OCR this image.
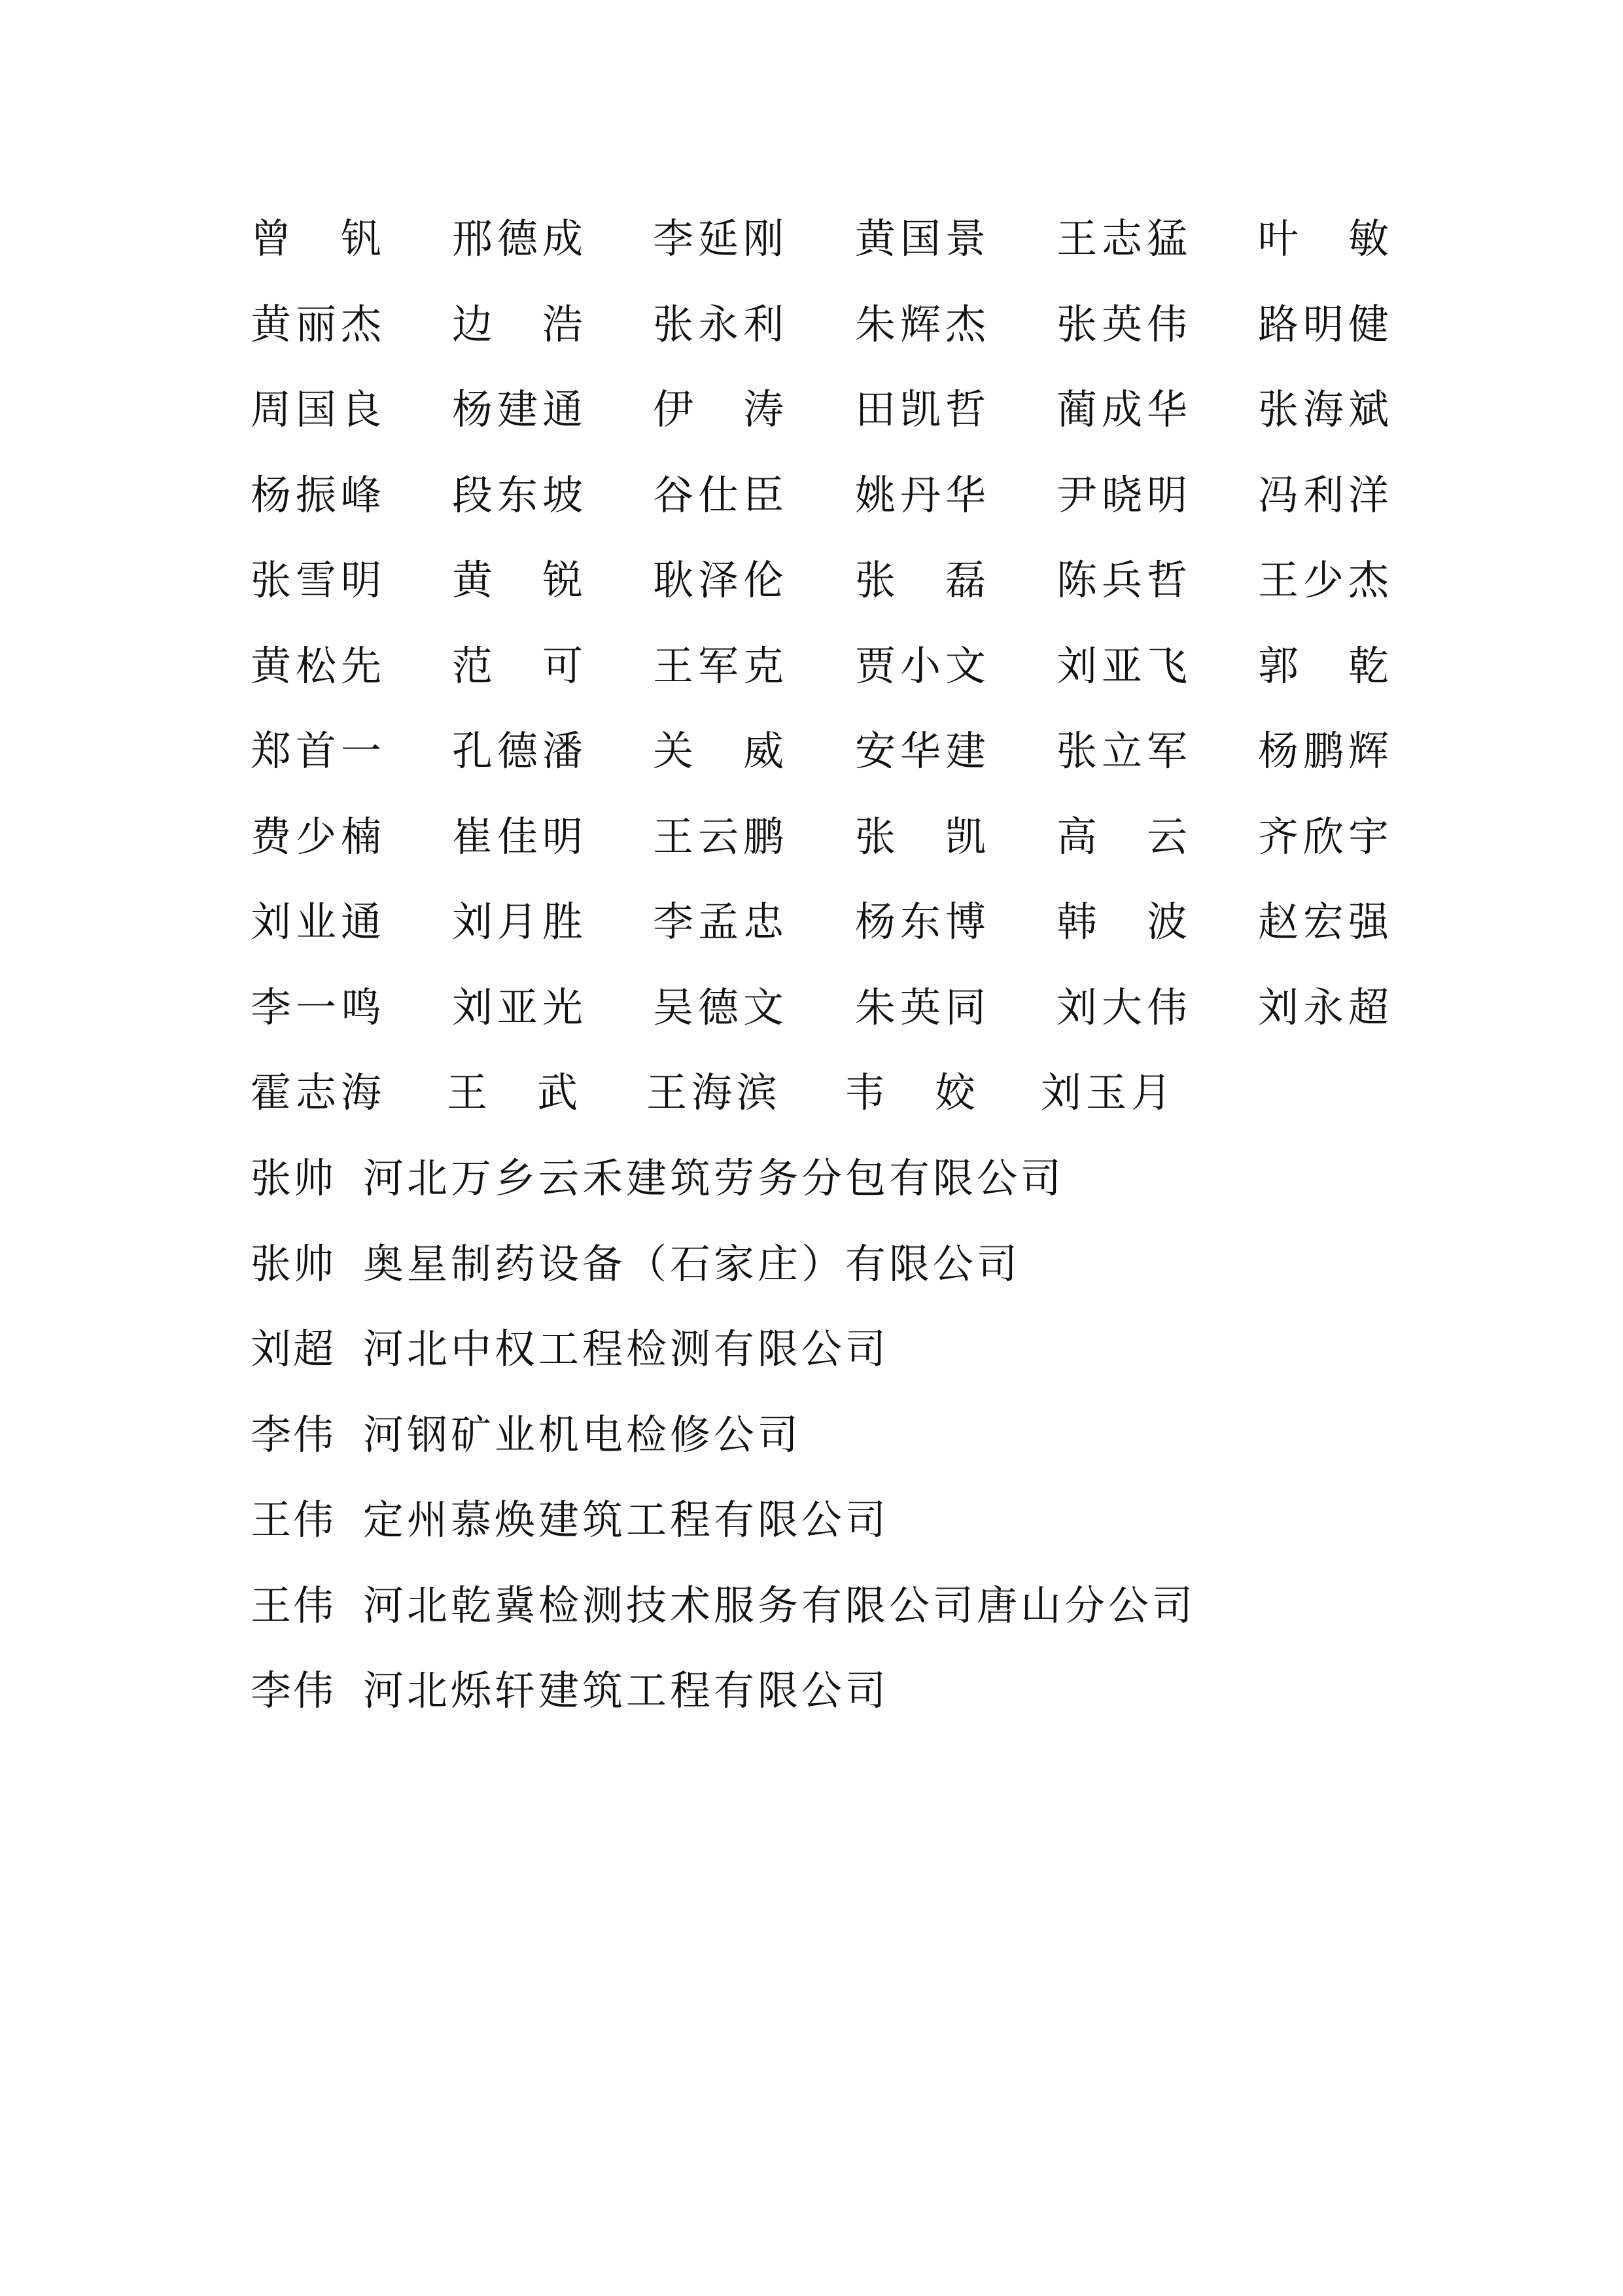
曾 钒 邢 德 成 李 延 刚 黄 国 景 王 志 猛 叶 敏
黄 丽 杰 边 浩 张 永 利 朱 辉 杰 张 英 伟 路 明 健
周 国 良 杨 建 通 伊 涛 田 凯 哲 蔺 成 华 张 海 斌
杨 振 峰 段 东 坡 谷 仕 臣 姚 丹 华 尹 晓 明 冯 利 洋
张 雪 明 黄 锐 耿 泽 伦 张 磊 陈 兵 哲 王 少 杰
黄 松 先 范 可 王 军 克 贾 小 文 刘 亚 飞 郭 乾
郑 首 一 孔 德 潘 关 威 安 华 建 张 立 军 杨 鹏 辉
费 少 楠 崔 佳 明 王 云 鹏 张 凯 高 云 齐 欣 宇
刘 业 通 刘 月 胜 李 孟 忠 杨 东 博 韩 波 赵 宏 强
李 一 鸣 刘 亚 光 吴 德 文 朱 英 同 刘 大 伟 刘 永 超
霍 志 海 王 武 王 海 滨 韦 姣 刘 玉 月
张帅 河北万乡云禾建筑劳务分包有限公司
张帅 奥星制药设备（石家庄）有限公司
刘超 河北中权工程检测有限公司
李伟 河钢矿业机电检修公司
王伟 定州慕焕建筑工程有限公司
王伟 河北乾冀检测技术服务有限公司唐山分公司
李伟 河北烁轩建筑工程有限公司
